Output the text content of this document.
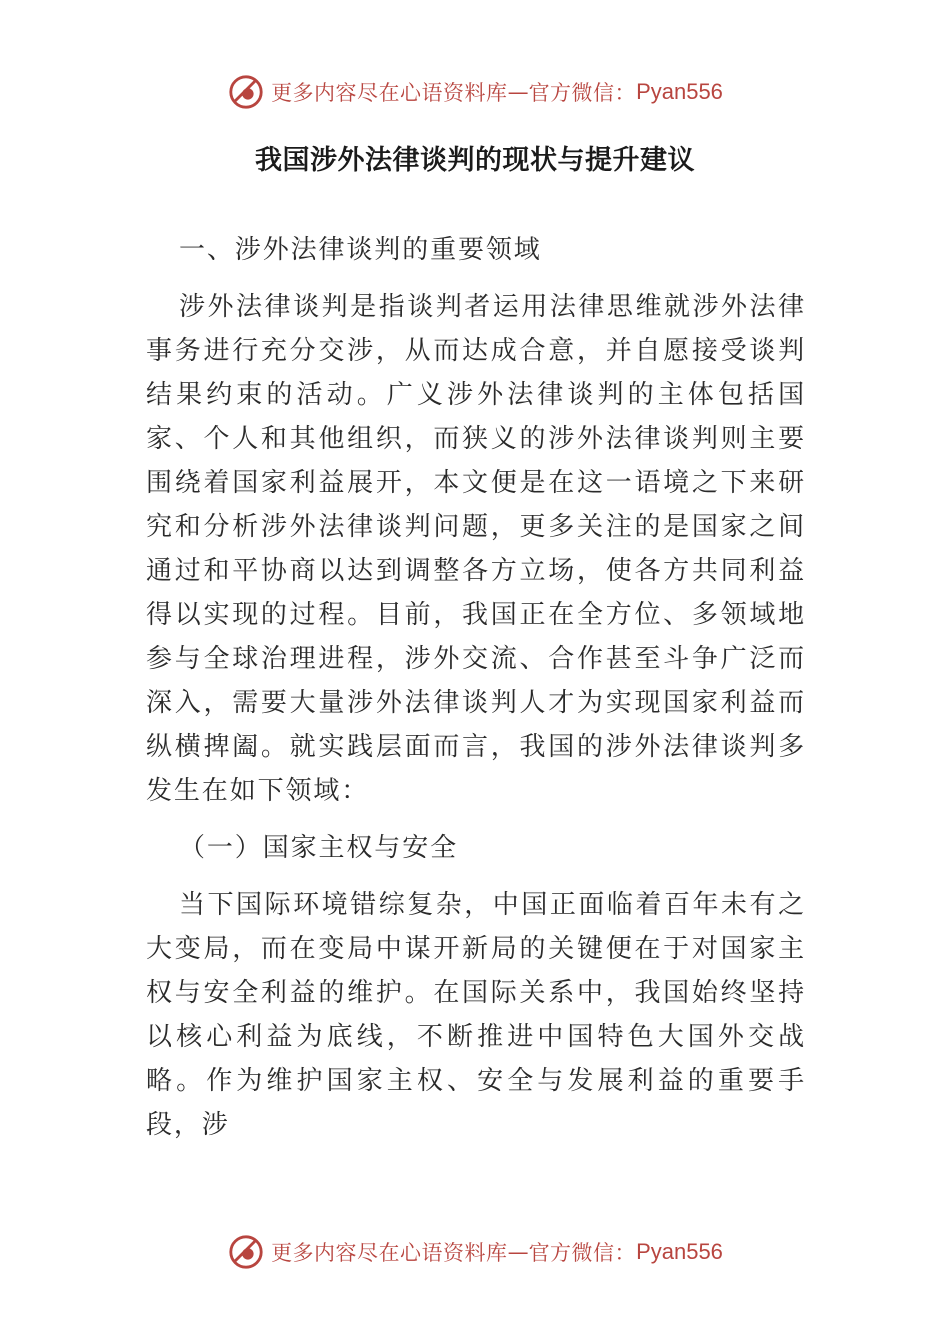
更多内容尽在心语资料库 — 官方微信： Pyan556
我国涉外法律谈判的现状与提升建议

一、涉外法律谈判的重要领域

涉外法律谈判是指谈判者运用法律思维就涉外法律事务进行充分交涉，从而达成合意，并自愿接受谈判结果约束的活动。广义涉外法律谈判的主体包括国家、个人和其他组织，而狭义的涉外法律谈判则主要围绕着国家利益展开，本文便是在这一语境之下来研究和分析涉外法律谈判问题，更多关注的是国家之间通过和平协商以达到调整各方立场，使各方共同利益得以实现的过程。目前，我国正在全方位、多领域地参与全球治理进程，涉外交流、合作甚至斗争广泛而深入，需要大量涉外法律谈判人才为实现国家利益而纵横捭阖。就实践层面而言，我国的涉外法律谈判多发生在如下领域：

（一）国家主权与安全

当下国际环境错综复杂，中国正面临着百年未有之大变局，而在变局中谋开新局的关键便在于对国家主权与安全利益的维护。在国际关系中，我国始终坚持以核心利益为底线，不断推进中国特色大国外交战略。作为维护国家主权、安全与发展利益的重要手段，涉

更多内容尽在心语资料库 — 官方微信： Pyan556
